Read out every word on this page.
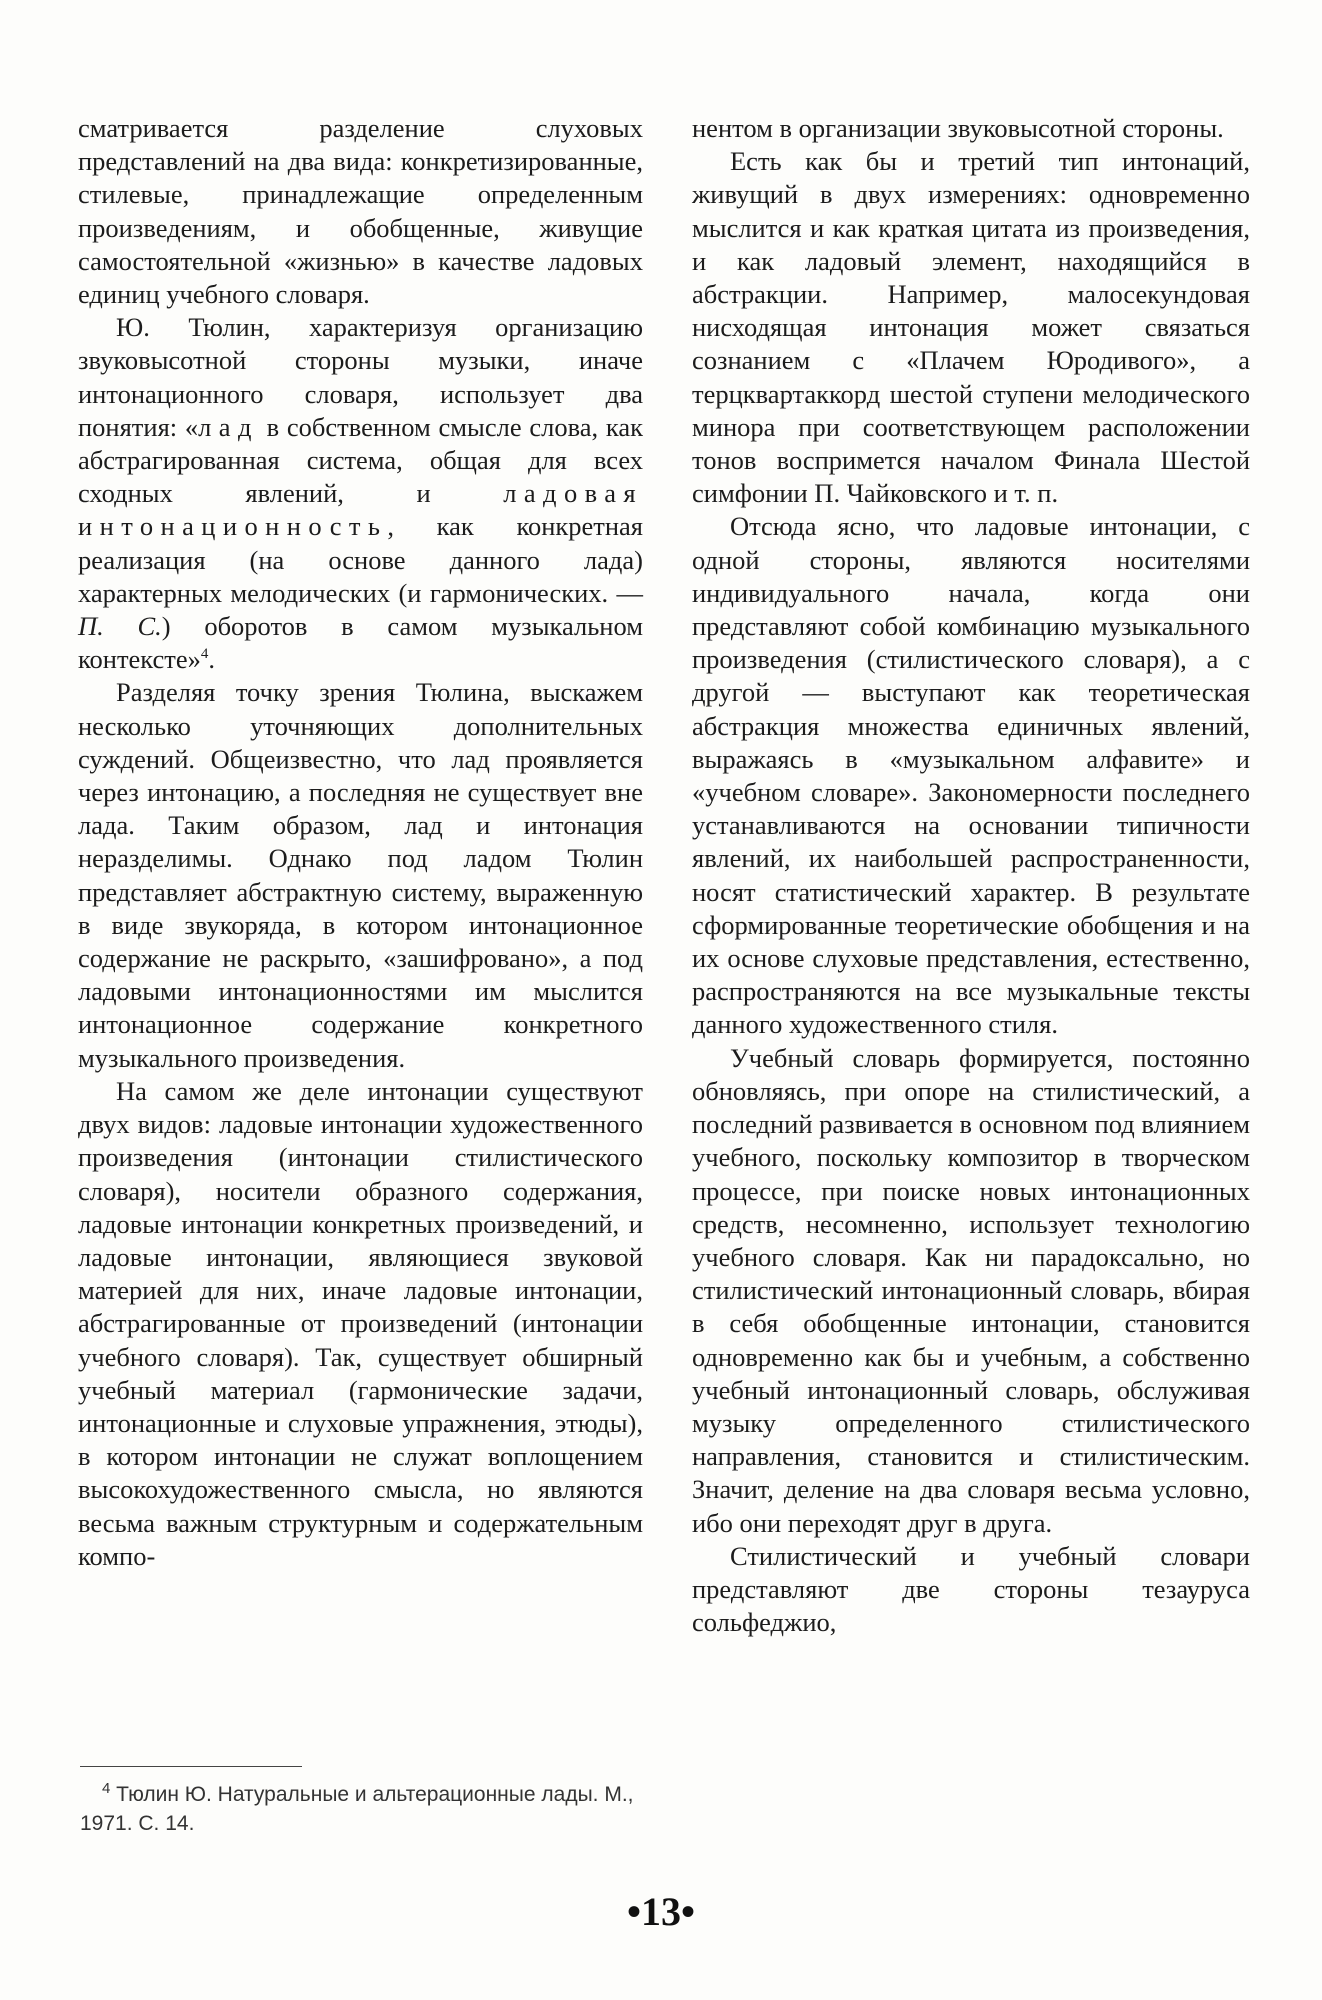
сматривается разделение слуховых представлений на два вида: конкретизированные, стилевые, принадлежащие определенным произведениям, и обобщенные, живущие самостоятельной «жизнью» в качестве ладовых единиц учебного словаря.

Ю. Тюлин, характеризуя организацию звуковысотной стороны музыки, иначе интонационного словаря, использует два понятия: «лад в собственном смысле слова, как абстрагированная система, общая для всех сходных явлений, и ладовая интонационность, как конкретная реализация (на основе данного лада) характерных мелодических (и гармонических. — П. С.) оборотов в самом музыкальном контексте»$^4$.

Разделяя точку зрения Тюлина, выскажем несколько уточняющих дополнительных суждений. Общеизвестно, что лад проявляется через интонацию, а последняя не существует вне лада. Таким образом, лад и интонация неразделимы. Однако под ладом Тюлин представляет абстрактную систему, выраженную в виде звукоряда, в котором интонационное содержание не раскрыто, «зашифровано», а под ладовыми интонационностями им мыслится интонационное содержание конкретного музыкального произведения.

На самом же деле интонации существуют двух видов: ладовые интонации художественного произведения (интонации стилистического словаря), носители образного содержания, ладовые интонации конкретных произведений, и ладовые интонации, являющиеся звуковой материей для них, иначе ладовые интонации, абстрагированные от произведений (интонации учебного словаря). Так, существует обширный учебный материал (гармонические задачи, интонационные и слуховые упражнения, этюды), в котором интонации не служат воплощением высокохудожественного смысла, но являются весьма важным структурным и содержательным компо-

нентом в организации звуковысотной стороны.

Есть как бы и третий тип интонаций, живущий в двух измерениях: одновременно мыслится и как краткая цитата из произведения, и как ладовый элемент, находящийся в абстракции. Например, малосекундовая нисходящая интонация может связаться сознанием с «Плачем Юродивого», а терцквартаккорд шестой ступени мелодического минора при соответствующем расположении тонов воспримется началом Финала Шестой симфонии П. Чайковского и т. п.

Отсюда ясно, что ладовые интонации, с одной стороны, являются носителями индивидуального начала, когда они представляют собой комбинацию музыкального произведения (стилистического словаря), а с другой — выступают как теоретическая абстракция множества единичных явлений, выражаясь в «музыкальном алфавите» и «учебном словаре». Закономерности последнего устанавливаются на основании типичности явлений, их наибольшей распространенности, носят статистический характер. В результате сформированные теоретические обобщения и на их основе слуховые представления, естественно, распространяются на все музыкальные тексты данного художественного стиля.

Учебный словарь формируется, постоянно обновляясь, при опоре на стилистический, а последний развивается в основном под влиянием учебного, поскольку композитор в творческом процессе, при поиске новых интонационных средств, несомненно, использует технологию учебного словаря. Как ни парадоксально, но стилистический интонационный словарь, вбирая в себя обобщенные интонации, становится одновременно как бы и учебным, а собственно учебный интонационный словарь, обслуживая музыку определенного стилистического направления, становится и стилистическим. Значит, деление на два словаря весьма условно, ибо они переходят друг в друга.

Стилистический и учебный словари представляют две стороны тезауруса сольфеджио,

$^4$ Тюлин Ю. Натуральные и альтерационные лады. М., 1971. С. 14.

•13•
